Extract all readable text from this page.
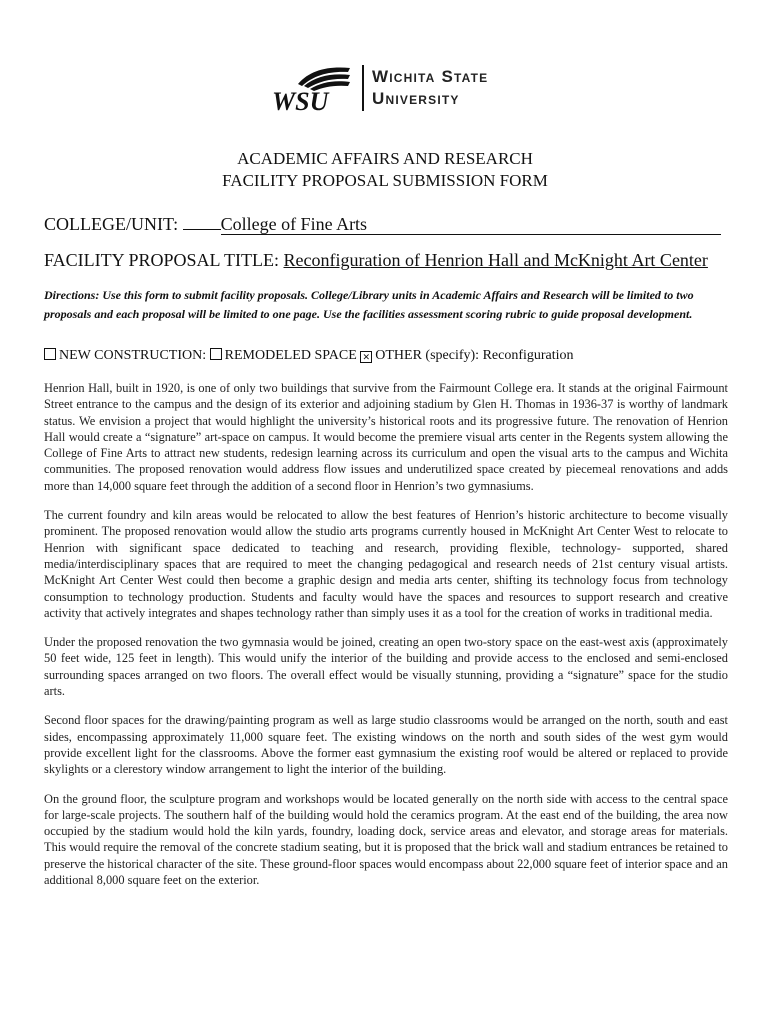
WSU
Wichita State
University
ACADEMIC AFFAIRS AND RESEARCH
FACILITY PROPOSAL SUBMISSION FORM
COLLEGE/UNIT: College of Fine Arts
FACILITY PROPOSAL TITLE: Reconfiguration of Henrion Hall and McKnight Art Center
Directions: Use this form to submit facility proposals. College/Library units in Academic Affairs and Research will be limited to two proposals and each proposal will be limited to one page. Use the facilities assessment scoring rubric to guide proposal development.
NEW CONSTRUCTION: REMODELED SPACE ✕ OTHER (specify): Reconfiguration

Henrion Hall, built in 1920, is one of only two buildings that survive from the Fairmount College era. It stands at the original Fairmount Street entrance to the campus and the design of its exterior and adjoining stadium by Glen H. Thomas in 1936-37 is worthy of landmark status. We envision a project that would highlight the university’s historical roots and its progressive future. The renovation of Henrion Hall would create a “signature” art-space on campus. It would become the premiere visual arts center in the Regents system allowing the College of Fine Arts to attract new students, redesign learning across its curriculum and open the visual arts to the campus and Wichita communities. The proposed renovation would address flow issues and underutilized space created by piecemeal renovations and adds more than 14,000 square feet through the addition of a second floor in Henrion’s two gymnasiums.

The current foundry and kiln areas would be relocated to allow the best features of Henrion’s historic architecture to become visually prominent. The proposed renovation would allow the studio arts programs currently housed in McKnight Art Center West to relocate to Henrion with significant space dedicated to teaching and research, providing flexible, technology- supported, shared media/interdisciplinary spaces that are required to meet the changing pedagogical and research needs of 21st century visual artists. McKnight Art Center West could then become a graphic design and media arts center, shifting its technology focus from technology consumption to technology production. Students and faculty would have the spaces and resources to support research and creative activity that actively integrates and shapes technology rather than simply uses it as a tool for the creation of works in traditional media.

Under the proposed renovation the two gymnasia would be joined, creating an open two-story space on the east-west axis (approximately 50 feet wide, 125 feet in length). This would unify the interior of the building and provide access to the enclosed and semi-enclosed surrounding spaces arranged on two floors. The overall effect would be visually stunning, providing a “signature” space for the studio arts.

Second floor spaces for the drawing/painting program as well as large studio classrooms would be arranged on the north, south and east sides, encompassing approximately 11,000 square feet. The existing windows on the north and south sides of the west gym would provide excellent light for the classrooms. Above the former east gymnasium the existing roof would be altered or replaced to provide skylights or a clerestory window arrangement to light the interior of the building.

On the ground floor, the sculpture program and workshops would be located generally on the north side with access to the central space for large-scale projects. The southern half of the building would hold the ceramics program. At the east end of the building, the area now occupied by the stadium would hold the kiln yards, foundry, loading dock, service areas and elevator, and storage areas for materials. This would require the removal of the concrete stadium seating, but it is proposed that the brick wall and stadium entrances be retained to preserve the historical character of the site. These ground-floor spaces would encompass about 22,000 square feet of interior space and an additional 8,000 square feet on the exterior.
